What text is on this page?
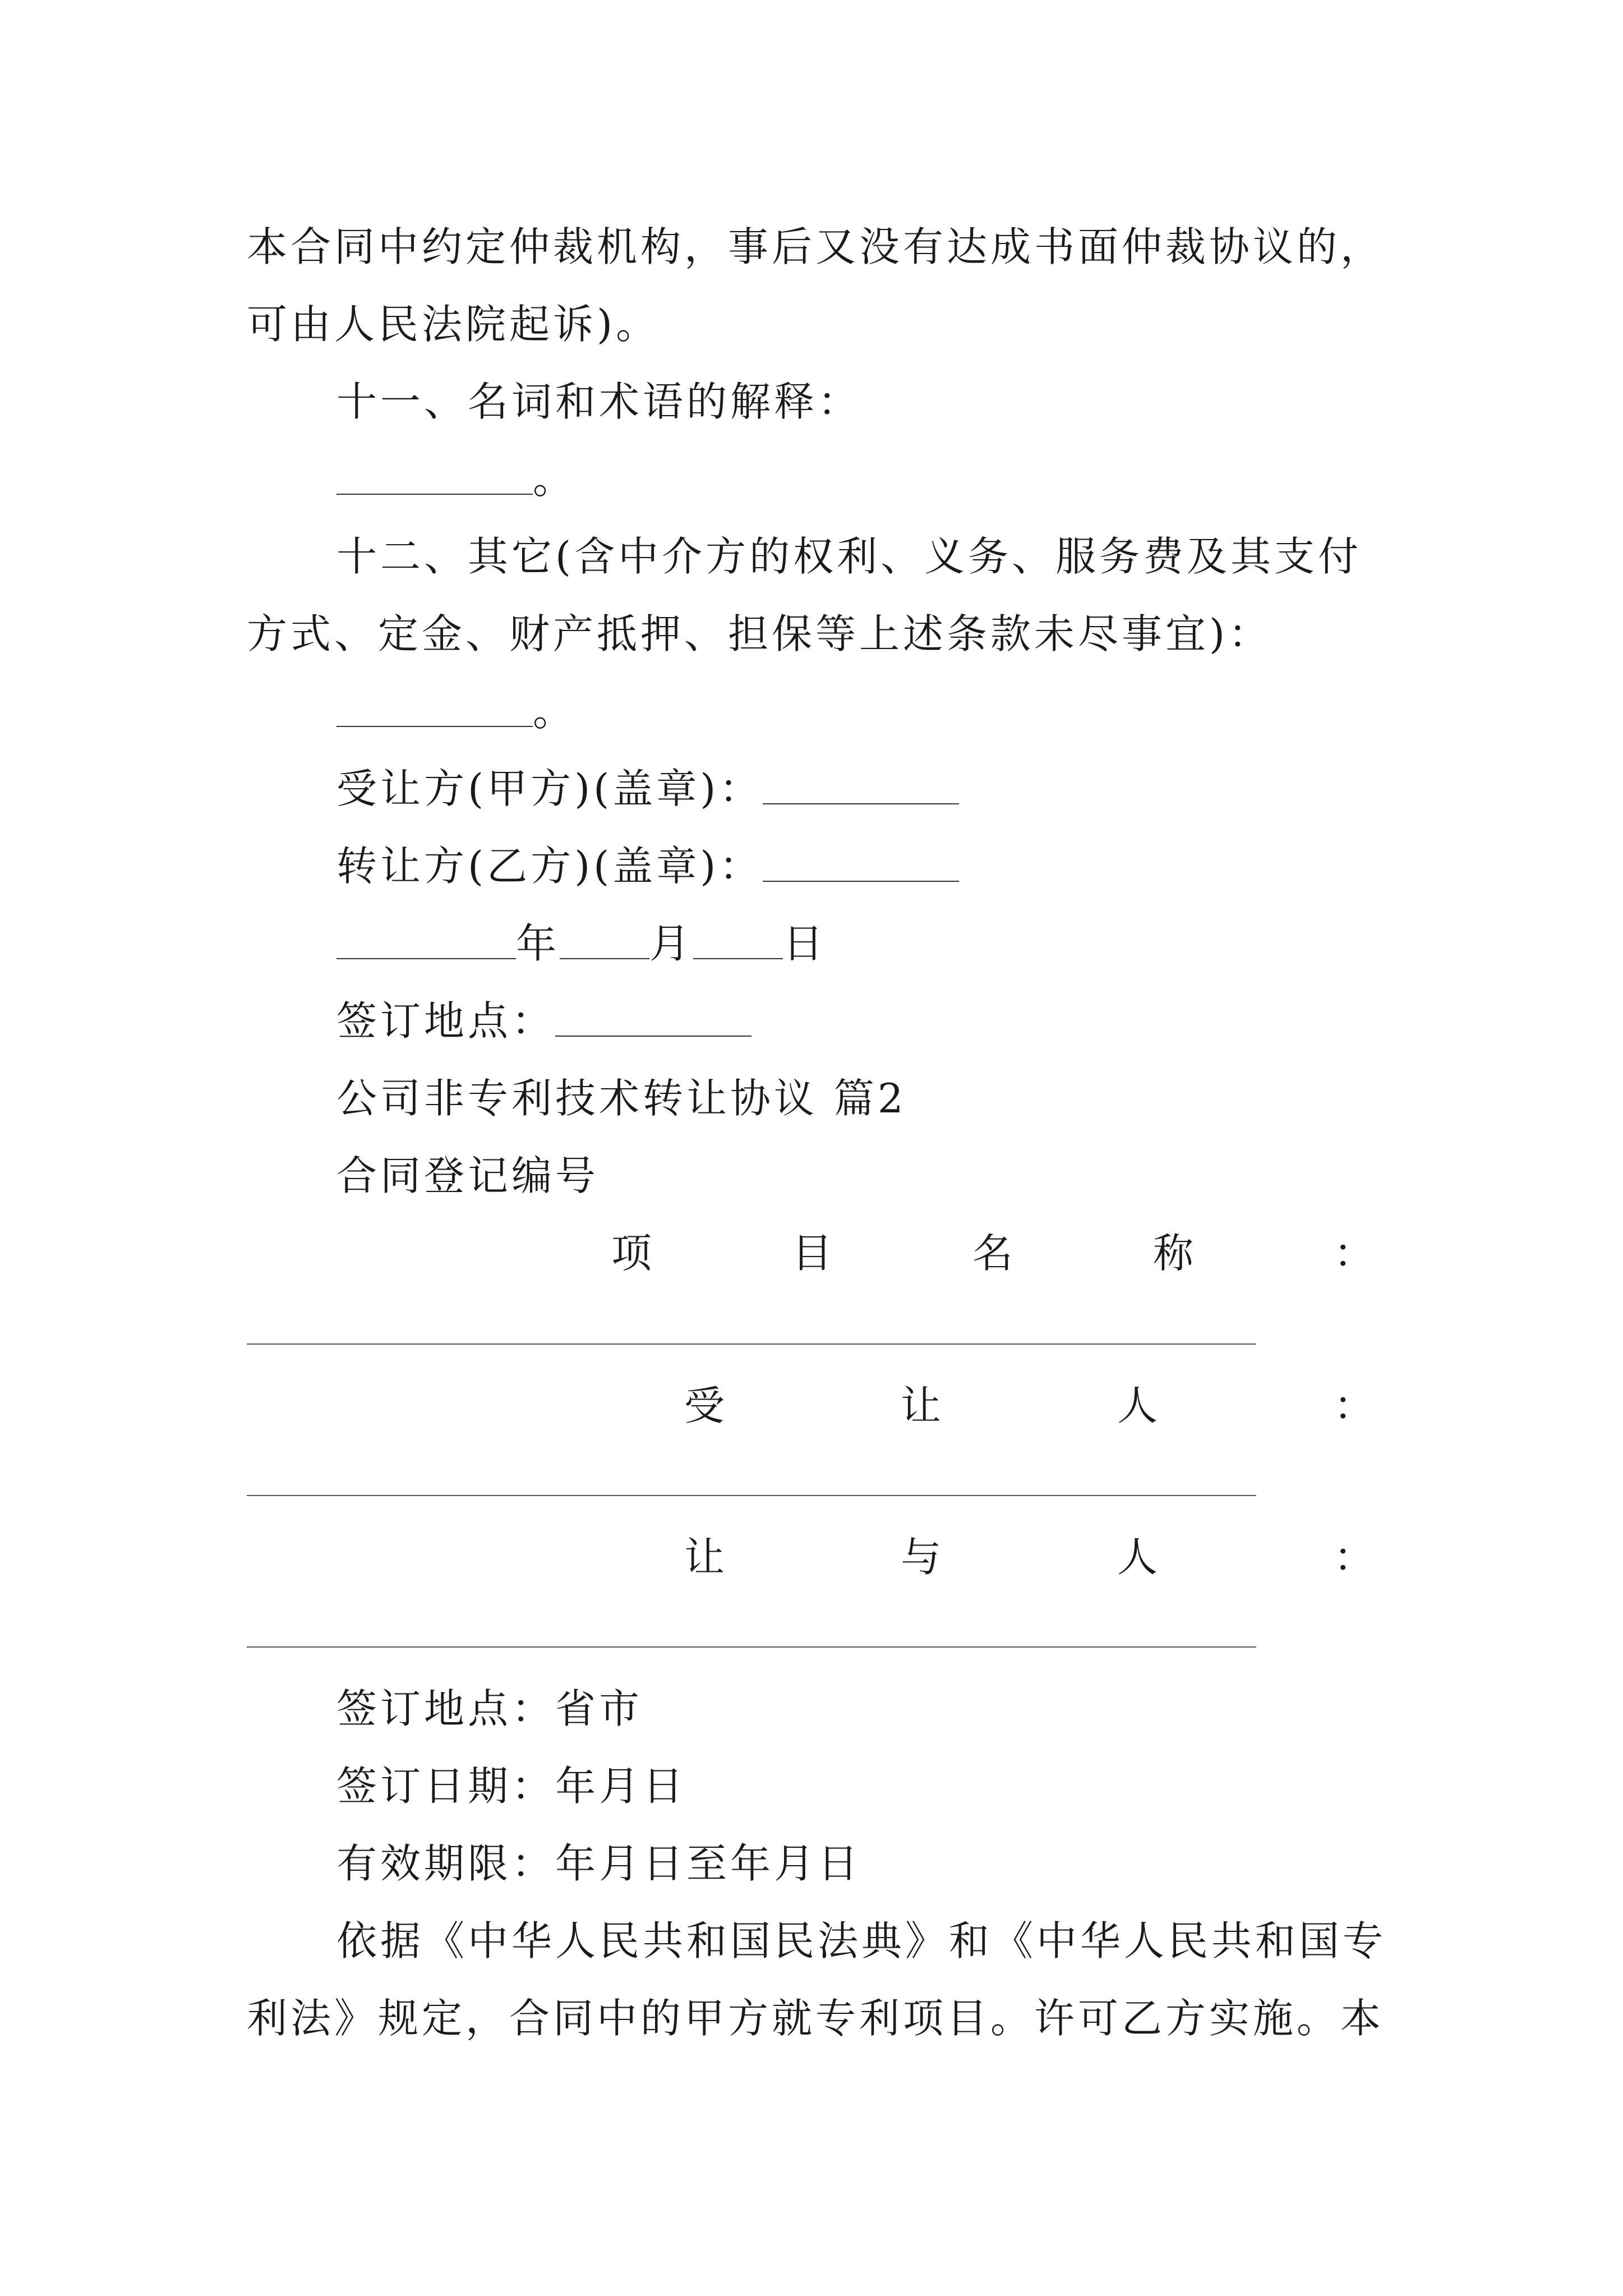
本合同中约定仲裁机构，事后又没有达成书面仲裁协议的，
可由人民法院起诉)。
十一、名词和术语的解释：
。
十二、其它(含中介方的权利、义务、服务费及其支付
方式、定金、财产抵押、担保等上述条款未尽事宜)：
。
受让方(甲方)(盖章)：
转让方(乙方)(盖章)：
年 月 日
签订地点：
公司非专利技术转让协议 篇2
合同登记编号
项	目	名	称	：
受	让	人	：
让	与	人	：
签订地点：省市
签订日期：年月日
有效期限：年月日至年月日
依据《中华人民共和国民法典》和《中华人民共和国专
利法》规定，合同中的甲方就专利项目。许可乙方实施。本
